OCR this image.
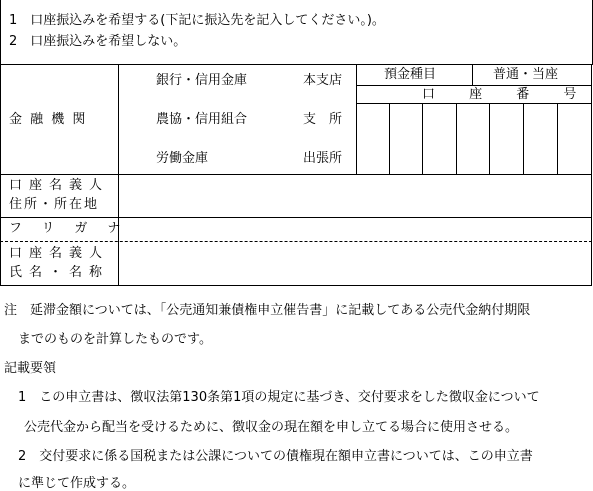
1　口座振込みを希望する(下記に振込先を記入してください。)。
2　口座振込みを希望しない。
金 融 機 関
銀行・信用金庫
農協・信用組合
労働金庫
本支店
支　所
出張所
預金種目	普通・当座
口 座 番 号
口座名義人
住所・所在地
フリガナ
口座名義人
氏名・名称
注　延滞金額については、「公売通知兼債権申立催告書」に記載してある公売代金納付期限
までのものを計算したものです。
記載要領
1　この申立書は、徴収法第130条第1項の規定に基づき、交付要求をした徴収金について
公売代金から配当を受けるために、徴収金の現在額を申し立てる場合に使用させる。
2　交付要求に係る国税または公課についての債権現在額申立書については、この申立書
に準じて作成する。
